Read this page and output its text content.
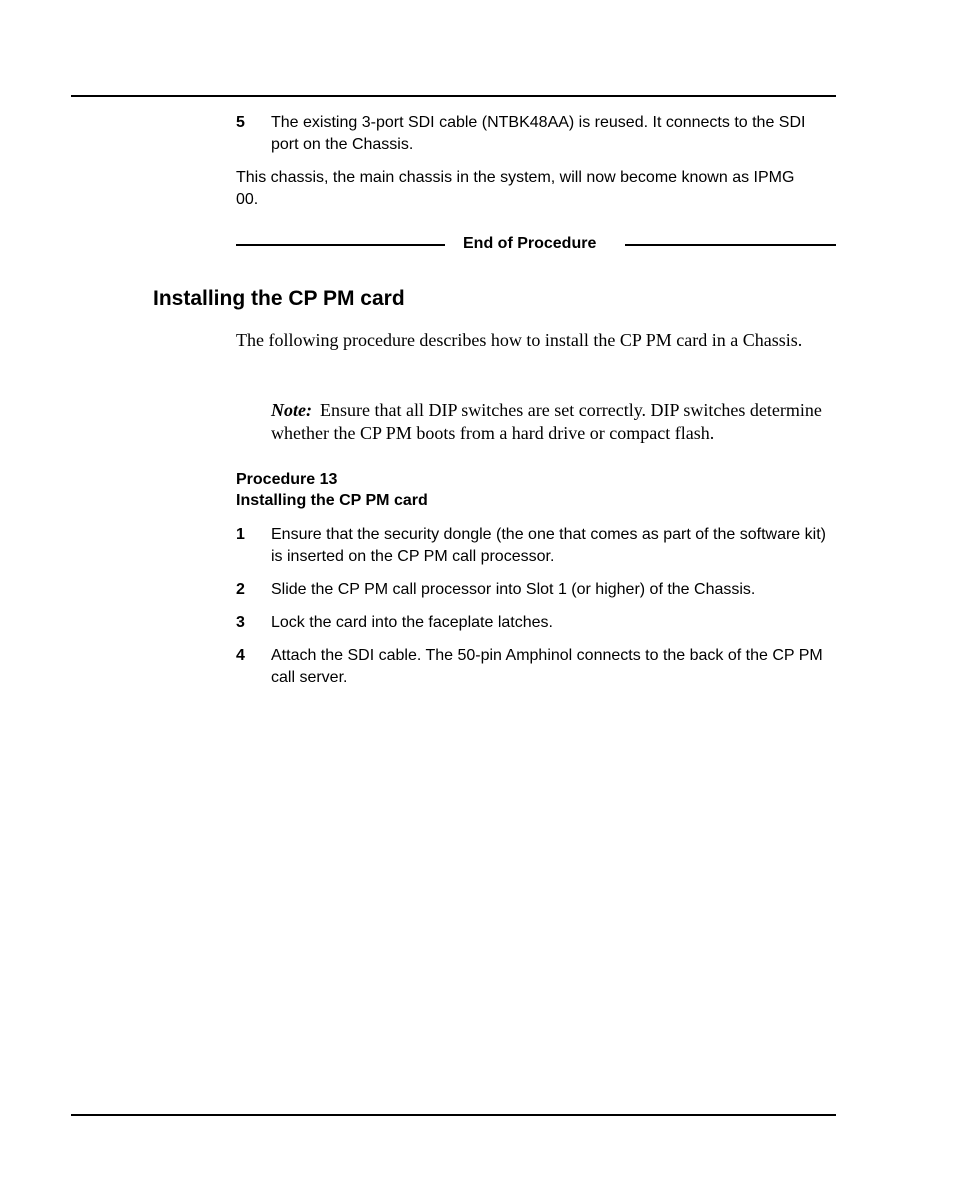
5 The existing 3-port SDI cable (NTBK48AA) is reused. It connects to the SDI port on the Chassis.
This chassis, the main chassis in the system, will now become known as IPMG 00.
End of Procedure
Installing the CP PM card
The following procedure describes how to install the CP PM card in a Chassis.
Note: Ensure that all DIP switches are set correctly. DIP switches determine whether the CP PM boots from a hard drive or compact flash.
Procedure 13
Installing the CP PM card
1 Ensure that the security dongle (the one that comes as part of the software kit) is inserted on the CP PM call processor.
2 Slide the CP PM call processor into Slot 1 (or higher) of the Chassis.
3 Lock the card into the faceplate latches.
4 Attach the SDI cable. The 50-pin Amphinol connects to the back of the CP PM call server.
